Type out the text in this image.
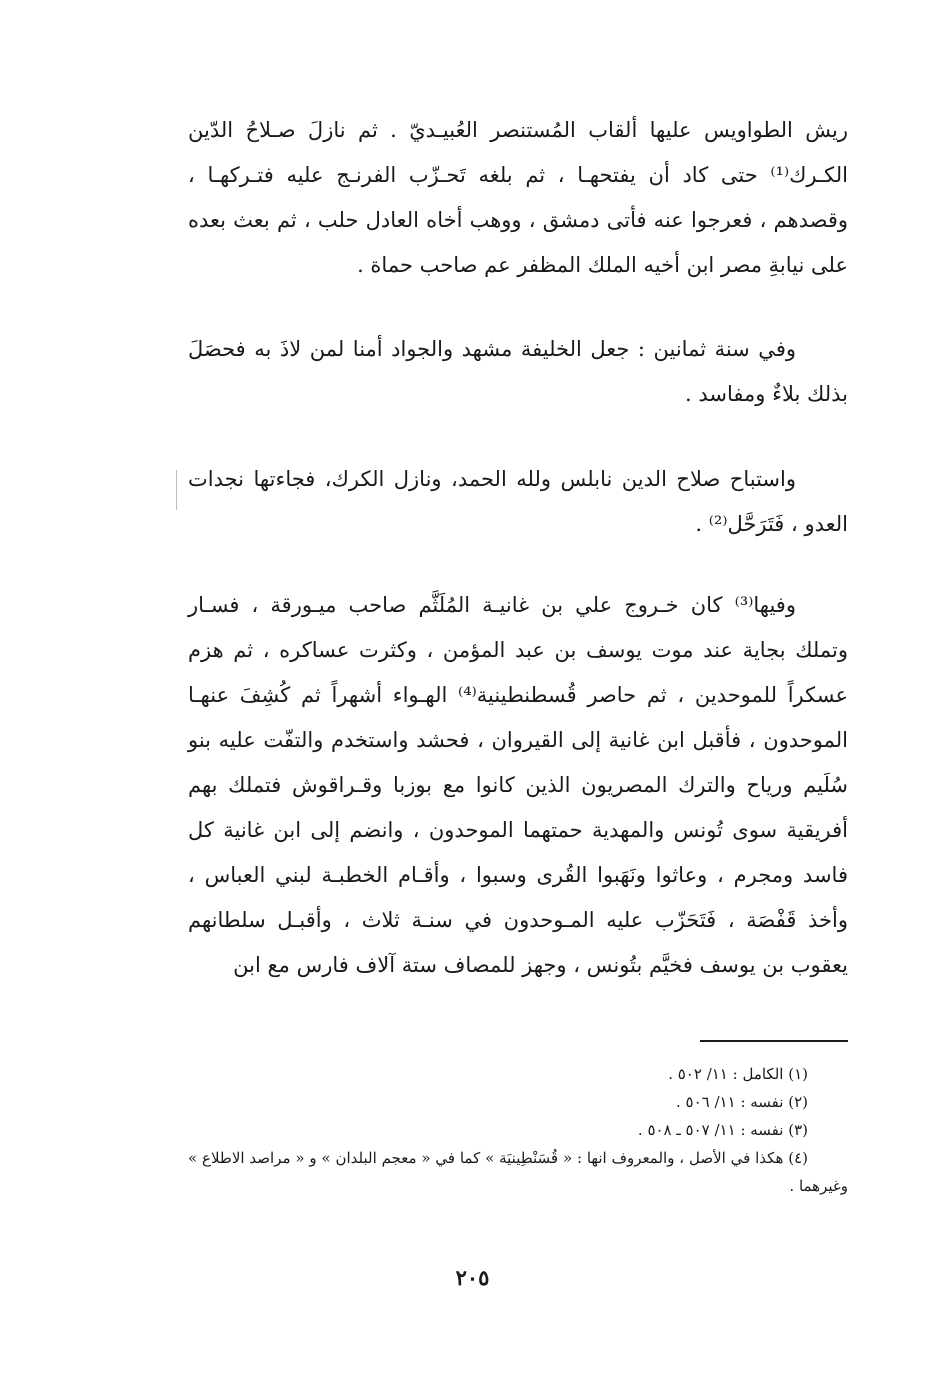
ريش الطواويس عليها ألقاب المُستنصر العُبيـديّ . ثم نازلَ صـلاحُ الدّين الكـرك⁽¹⁾ حتى كاد أن يفتحهـا ، ثم بلغه تَحـزّب الفرنـج عليه فتـركهـا ، وقصدهم ، فعرجوا عنه فأتى دمشق ، ووهب أخاه العادل حلب ، ثم بعث بعده على نيابةِ مصر ابن أخيه الملك المظفر عم صاحب حماة .

وفي سنة ثمانين : جعل الخليفة مشهد والجواد أمنا لمن لاذَ به فحصَلَ بذلك بلاءٌ ومفاسد .

واستباح صلاح الدين نابلس ولله الحمد، ونازل الكرك، فجاءتها نجدات العدو ، فَتَرَحَّل⁽²⁾ .

وفيها⁽³⁾ كان خـروج علي بن غانيـة المُلَثَّم صاحب ميـورقة ، فسـار وتملك بجاية عند موت يوسف بن عبد المؤمن ، وكثرت عساكره ، ثم هزم عسكراً للموحدين ، ثم حاصر قُسطنطينية⁽⁴⁾ الهـواء أشهراً ثم كُشِفَ عنهـا الموحدون ، فأقبل ابن غانية إلى القيروان ، فحشد واستخدم والتفّت عليه بنو سُلَيم ورياح والترك المصريون الذين كانوا مع بوزبا وقـراقوش فتملك بهم أفريقية سوى تُونس والمهدية حمتهما الموحدون ، وانضم إلى ابن غانية كل فاسد ومجرم ، وعاثوا ونَهَبوا القُرى وسبوا ، وأقـام الخطبـة لبني العباس ، وأخذ قَفْصَة ، فَتَحَزّب عليه المـوحدون في سنـة ثلاث ، وأقبـل سلطانهم يعقوب بن يوسف فخيَّم بتُونس ، وجهز للمصاف ستة آلاف فارس مع ابن

(١) الكامل : ١١/ ٥٠٢ .

(٢) نفسه : ١١/ ٥٠٦ .

(٣) نفسه : ١١/ ٥٠٧ ـ ٥٠٨ .

(٤) هكذا في الأصل ، والمعروف انها : « قُسَنْطِينيَة » كما في « معجم البلدان » و « مراصد الاطلاع » وغيرهما .

٢٠٥
